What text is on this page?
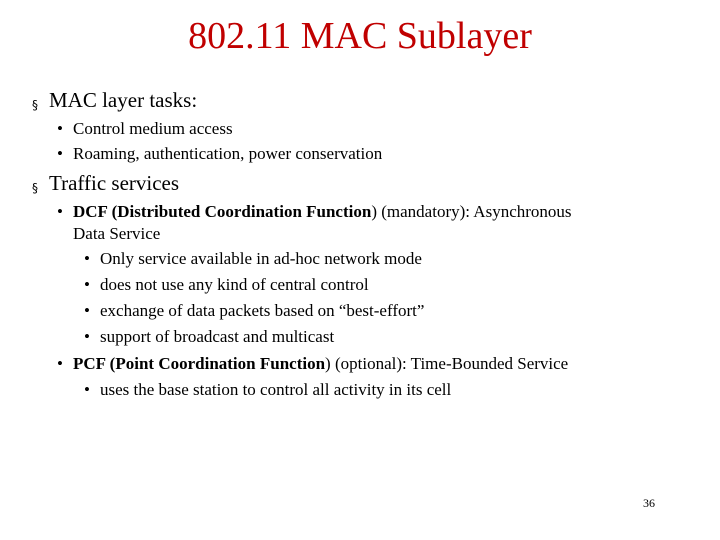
802.11 MAC Sublayer
§ MAC layer tasks:
• Control medium access
• Roaming, authentication, power conservation
§ Traffic services
• DCF (Distributed Coordination Function) (mandatory): Asynchronous
Data Service
• Only service available in ad-hoc network mode
• does not use any kind of central control
• exchange of data packets based on “best-effort”
• support of broadcast and multicast
• PCF (Point Coordination Function) (optional): Time-Bounded Service
• uses the base station to control all activity in its cell
36
